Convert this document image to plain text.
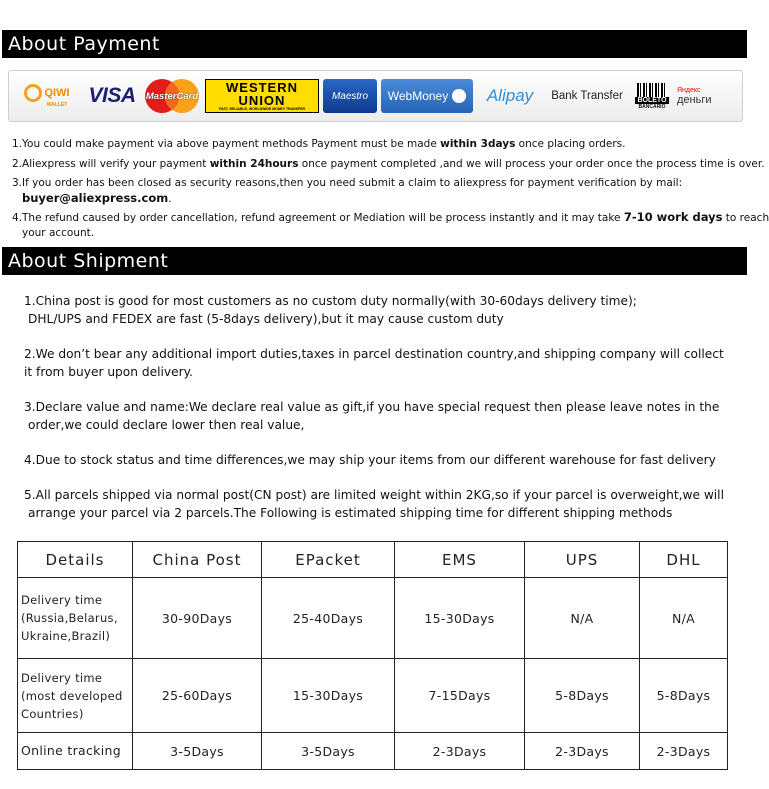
About Payment
QIWI
WALLET VISA MasterCard
WESTERN
UNION
FAST, RELIABLE, WORLDWIDE MONEY TRANSFER
Maestro WebMoney Alipay Bank Transfer BOLETO
BANCARIO
Яндекс
деньги
1.You could make payment via above payment methods Payment must be made within 3days once placing orders.
2.Aliexpress will verify your payment within 24hours once payment completed ,and we will process your order once the process time is over.
3.If you order has been closed as security reasons,then you need submit a claim to aliexpress for payment verification by mail:
buyer@aliexpress.com.
4.The refund caused by order cancellation, refund agreement or Mediation will be process instantly and it may take 7-10 work days to reach
your account.
About Shipment

1.China post is good for most customers as no custom duty normally(with 30-60days delivery time);
DHL/UPS and FEDEX are fast (5-8days delivery),but it may cause custom duty

2.We don’t bear any additional import duties,taxes in parcel destination country,and shipping company will collect
it from buyer upon delivery.

3.Declare value and name:We declare real value as gift,if you have special request then please leave notes in the
order,we could declare lower then real value,

4.Due to stock status and time differences,we may ship your items from our different warehouse for fast delivery

5.All parcels shipped via normal post(CN post) are limited weight within 2KG,so if your parcel is overweight,we will
arrange your parcel via 2 parcels.The Following is estimated shipping time for different shipping methods

Details	China Post	EPacket	EMS	UPS	DHL
Delivery time
(Russia,Belarus,
Ukraine,Brazil)	30-90Days	25-40Days	15-30Days	N/A	N/A
Delivery time
(most developed
Countries)	25-60Days	15-30Days	7-15Days	5-8Days	5-8Days
Online tracking	3-5Days	3-5Days	2-3Days	2-3Days	2-3Days
